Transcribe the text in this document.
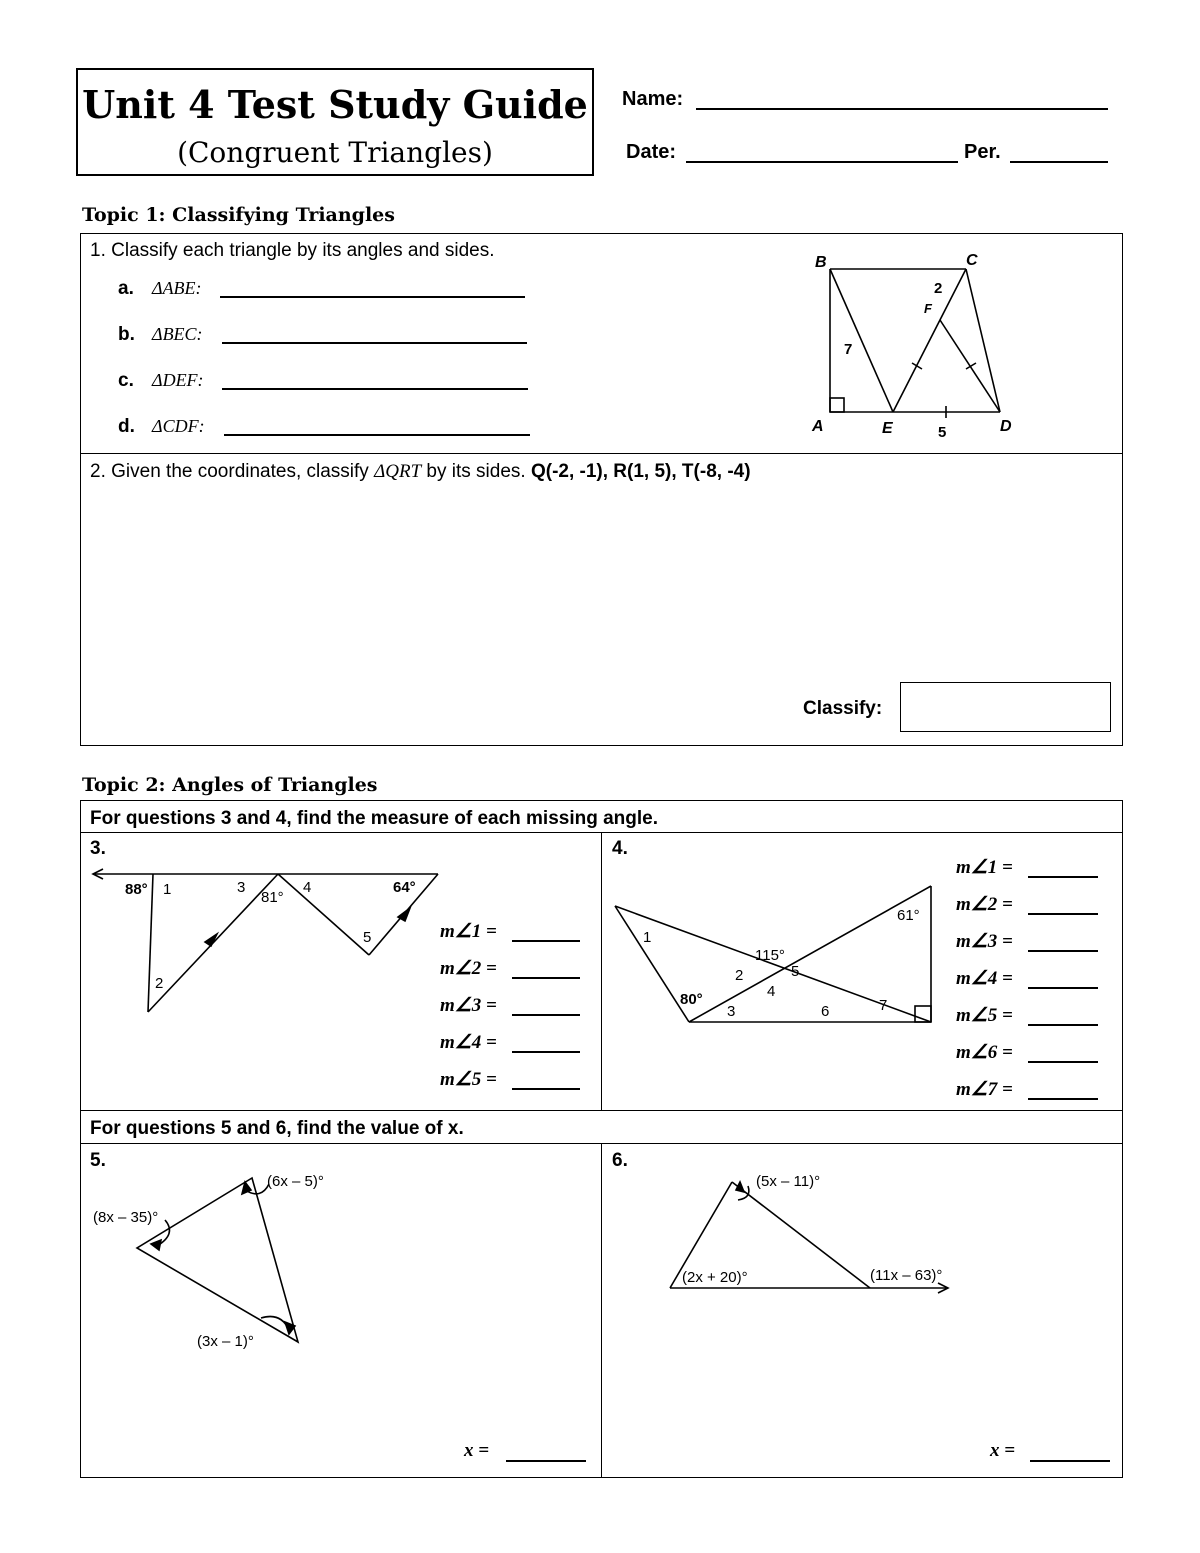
Unit 4 Test Study Guide
(Congruent Triangles)
Name:
Date:	Per.
Topic 1: Classifying Triangles
1. Classify each triangle by its angles and sides.
a. ΔABE:
b. ΔBEC:
c. ΔDEF:
d. ΔCDF:
B	C
A	E	D
F
2
7
5
2. Given the coordinates, classify ΔQRT by its sides. Q(-2, -1), R(1, 5), T(-8, -4)
Classify:
Topic 2: Angles of Triangles
For questions 3 and 4, find the measure of each missing angle.
For questions 5 and 6, find the value of x.
3.
88° 1	3
81°
4	64°
5
2
m∠1 =
m∠2 =
m∠3 =
m∠4 =
m∠5 =
4.
1
61°
115°
2	5
4
80°
3	6	7
m∠1 =
m∠2 =
m∠3 =
m∠4 =
m∠5 =
m∠6 =
m∠7 =
5.
(6x – 5)°
(8x – 35)°
(3x – 1)°
x =
6.
(5x – 11)°
(2x + 20)°	(11x – 63)°
x =
